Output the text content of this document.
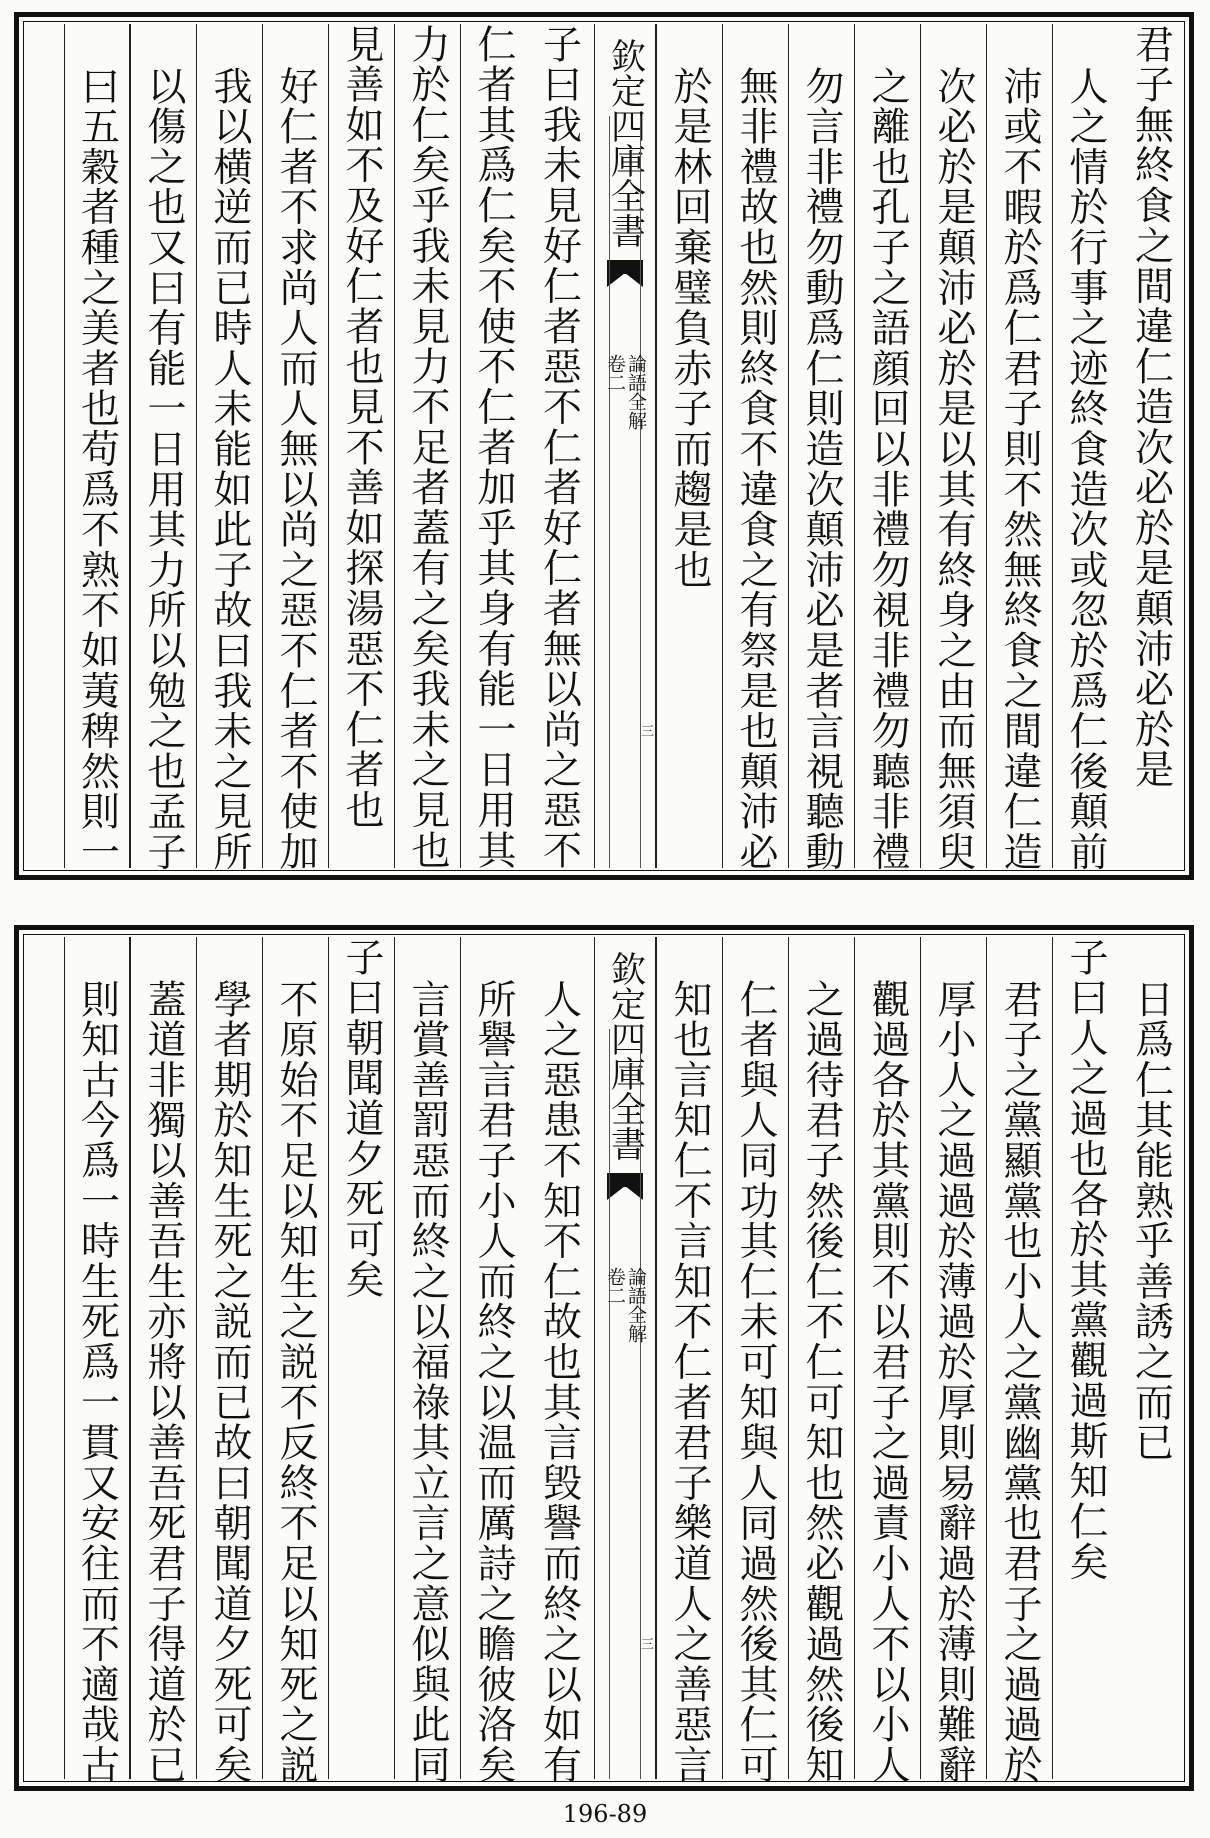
君子無終食之間違仁造次必於是顛沛必於是
人之情於行事之迹終食造次或忽於爲仁後顛前
沛或不暇於爲仁君子則不然無終食之間違仁造
次必於是顛沛必於是以其有終身之由而無須臾
之離也孔子之語顔回以非禮勿視非禮勿聽非禮
勿言非禮勿動爲仁則造次顛沛必是者言視聽動
無非禮故也然則終食不違食之有祭是也顛沛必
於是林回棄璧負赤子而趨是也
欽定四庫全書
卷二 論語全解
三
子曰我未見好仁者惡不仁者好仁者無以尚之惡不
仁者其爲仁矣不使不仁者加乎其身有能一日用其
力於仁矣乎我未見力不足者蓋有之矣我未之見也
見善如不及好仁者也見不善如探湯惡不仁者也
好仁者不求尚人而人無以尚之惡不仁者不使加
我以横逆而已時人未能如此子故曰我未之見所
以傷之也又曰有能一日用其力所以勉之也孟子
曰五穀者種之美者也苟爲不熟不如荑稗然則一
日爲仁其能熟乎善誘之而已
子曰人之過也各於其黨觀過斯知仁矣
君子之黨顯黨也小人之黨幽黨也君子之過過於
厚小人之過過於薄過於厚則易辭過於薄則難辭
觀過各於其黨則不以君子之過責小人不以小人
之過待君子然後仁不仁可知也然必觀過然後知
仁者與人同功其仁未可知與人同過然後其仁可
知也言知仁不言知不仁者君子樂道人之善惡言
欽定四庫全書
卷二 論語全解
三
人之惡患不知不仁故也其言毁譽而終之以如有
所譽言君子小人而終之以温而厲詩之瞻彼洛矣
言賞善罰惡而終之以福祿其立言之意似與此同
子曰朝聞道夕死可矣
不原始不足以知生之説不反終不足以知死之説
學者期於知生死之説而已故曰朝聞道夕死可矣
蓋道非獨以善吾生亦將以善吾死君子得道於已
則知古今爲一時生死爲一貫又安往而不適哉古
196-89
